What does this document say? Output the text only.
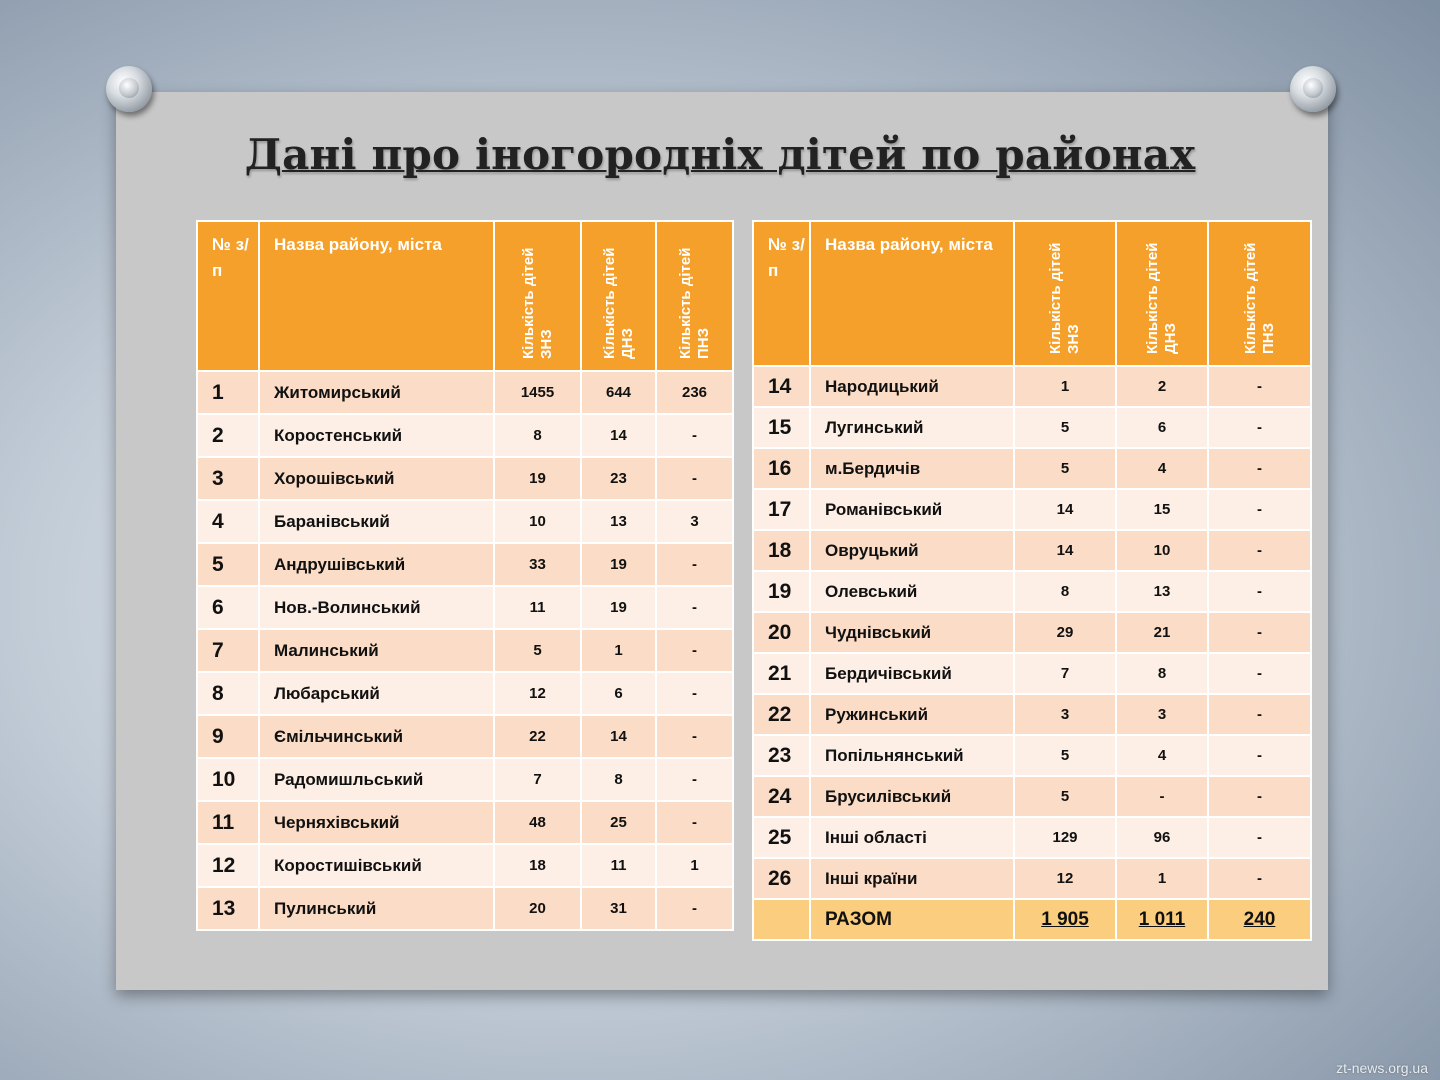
Дані про іногородніх дітей по районах
№ з/п	Назва району, міста	Кількість дітей ЗНЗ	Кількість дітей ДНЗ	Кількість дітей ПНЗ
1	Житомирський	1455	644	236
2	Коростенський	8	14	-
3	Хорошівський	19	23	-
4	Баранівський	10	13	3
5	Андрушівський	33	19	-
6	Нов.-Волинський	11	19	-
7	Малинський	5	1	-
8	Любарський	12	6	-
9	Ємільчинський	22	14	-
10	Радомишльський	7	8	-
11	Черняхівський	48	25	-
12	Коростишівський	18	11	1
13	Пулинський	20	31	-
№ з/ п	Назва району, міста	Кількість дітей ЗНЗ	Кількість дітей ДНЗ	Кількість дітей ПНЗ
14	Народицький	1	2	-
15	Лугинський	5	6	-
16	м.Бердичів	5	4	-
17	Романівський	14	15	-
18	Овруцький	14	10	-
19	Олевський	8	13	-
20	Чуднівський	29	21	-
21	Бердичівський	7	8	-
22	Ружинський	3	3	-
23	Попільнянський	5	4	-
24	Брусилівський	5	-	-
25	Інші області	129	96	-
26	Інші країни	12	1	-
	РАЗОМ	1 905	1 011	240
zt-news.org.ua
